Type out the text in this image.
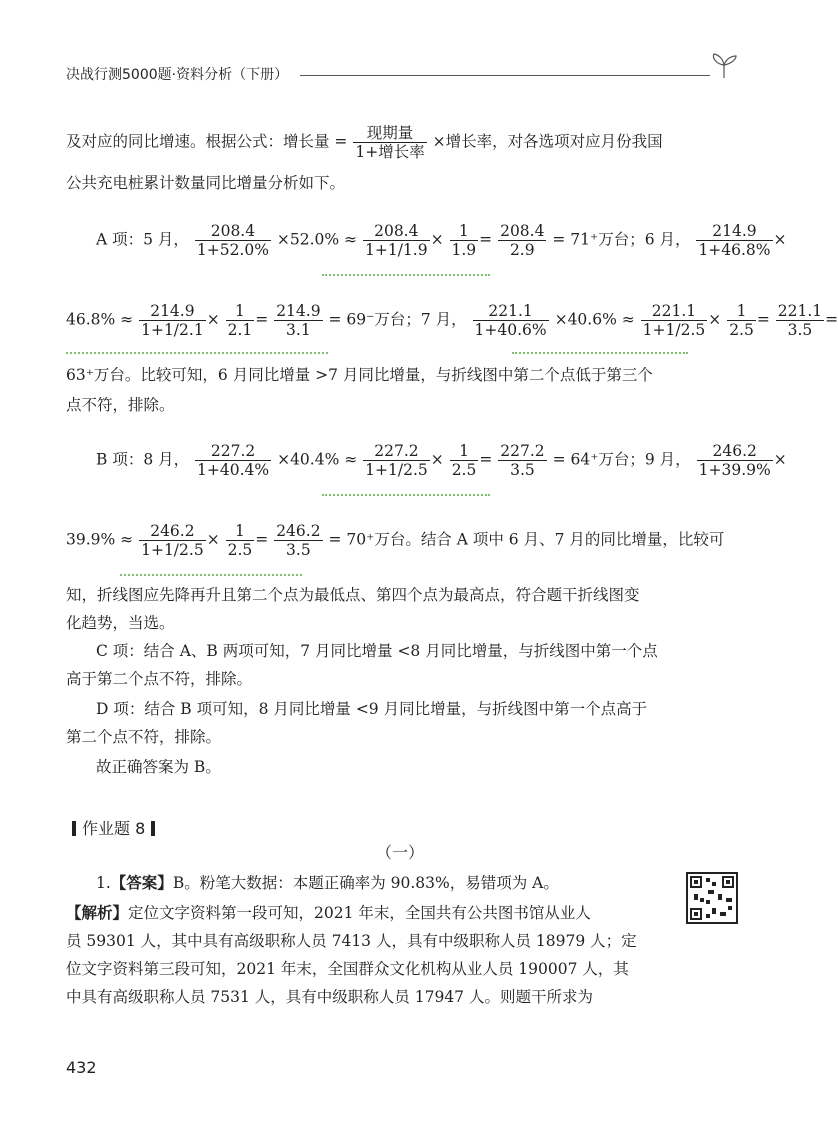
决战行测5000题·资料分析（下册）
及对应的同比增速。根据公式：增长量 = $\frac{\text{现期量}}{\text{1+增长率}}$ ×增长率，对各选项对应月份我国
公共充电桩累计数量同比增量分析如下。
A 项：5 月， $\frac{208.4}{1+52.0\%} \times 52.0\% \approx \frac{208.4}{1+1/1.9} \times \frac{1}{1.9} = \frac{208.4}{2.9} = 71^+$万台；6 月， $\frac{214.9}{1+46.8\%}$ ×
$46.8\% \approx \frac{214.9}{1+1/2.1} \times \frac{1}{2.1} = \frac{214.9}{3.1} = 69^-$万台；7 月， $\frac{221.1}{1+40.6\%} \times 40.6\% \approx \frac{221.1}{1+1/2.5} \times \frac{1}{2.5} = \frac{221.1}{3.5}$ =
63⁺万台。比较可知，6 月同比增量 >7 月同比增量，与折线图中第二个点低于第三个
点不符，排除。
B 项：8 月， $\frac{227.2}{1+40.4\%} \times 40.4\% \approx \frac{227.2}{1+1/2.5} \times \frac{1}{2.5} = \frac{227.2}{3.5} = 64^+$万台；9 月， $\frac{246.2}{1+39.9\%}$ ×
$39.9\% \approx \frac{246.2}{1+1/2.5} \times \frac{1}{2.5} = \frac{246.2}{3.5} = 70^+$万台。结合 A 项中 6 月、7 月的同比增量，比较可
知，折线图应先降再升且第二个点为最低点、第四个点为最高点，符合题干折线图变
化趋势，当选。
C 项：结合 A、B 两项可知，7 月同比增量 <8 月同比增量，与折线图中第一个点
高于第二个点不符，排除。
D 项：结合 B 项可知，8 月同比增量 <9 月同比增量，与折线图中第一个点高于
第二个点不符，排除。
故正确答案为 B。
作业题 8
（一）
1.【答案】B。粉笔大数据：本题正确率为 90.83%，易错项为 A。
【解析】定位文字资料第一段可知，2021 年末，全国共有公共图书馆从业人
员 59301 人，其中具有高级职称人员 7413 人，具有中级职称人员 18979 人；定
位文字资料第三段可知，2021 年末，全国群众文化机构从业人员 190007 人，其
中具有高级职称人员 7531 人，具有中级职称人员 17947 人。则题干所求为
432
